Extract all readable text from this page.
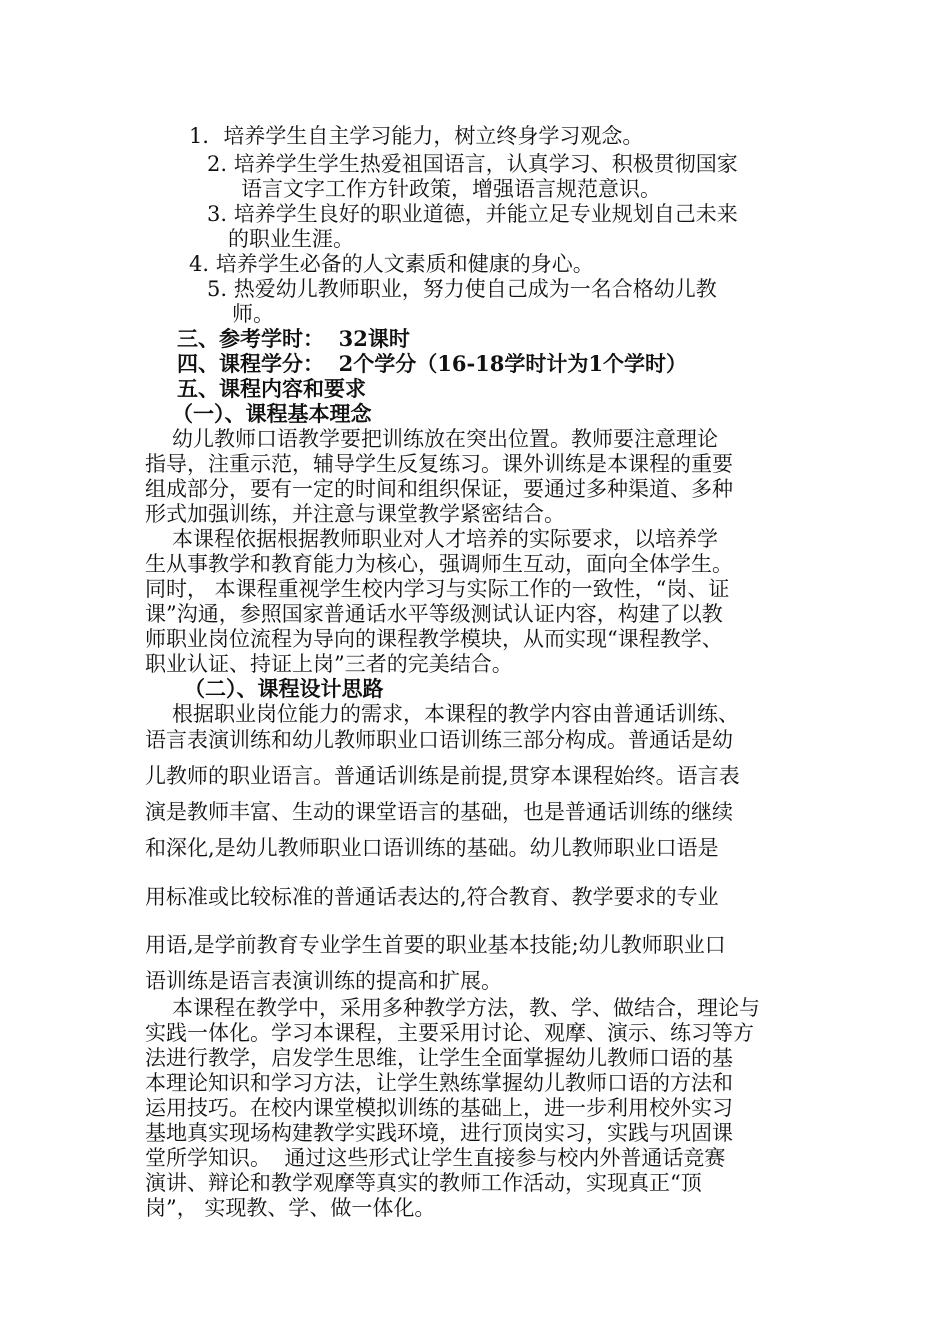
1．培养学生自主学习能力，树立终身学习观念。
2. 培养学生学生热爱祖国语言，认真学习、积极贯彻国家
语言文字工作方针政策，增强语言规范意识。
3. 培养学生良好的职业道德，并能立足专业规划自己未来
的职业生涯。
4. 培养学生必备的人文素质和健康的身心。
5. 热爱幼儿教师职业，努力使自己成为一名合格幼儿教
师。
三、参考学时：  32课时
四、课程学分：  2个学分（16-18学时计为1个学时）
五、课程内容和要求
（一）、课程基本理念
幼儿教师口语教学要把训练放在突出位置。教师要注意理论
指导，注重示范，辅导学生反复练习。课外训练是本课程的重要
组成部分，要有一定的时间和组织保证，要通过多种渠道、多种
形式加强训练，并注意与课堂教学紧密结合。
本课程依据根据教师职业对人才培养的实际要求，以培养学
生从事教学和教育能力为核心，强调师生互动，面向全体学生。
同时， 本课程重视学生校内学习与实际工作的一致性，“岗、证
课”沟通，参照国家普通话水平等级测试认证内容，构建了以教
师职业岗位流程为导向的课程教学模块，从而实现“课程教学、
职业认证、持证上岗”三者的完美结合。
（二）、课程设计思路
根据职业岗位能力的需求，本课程的教学内容由普通话训练、
语言表演训练和幼儿教师职业口语训练三部分构成。普通话是幼
儿教师的职业语言。普通话训练是前提,贯穿本课程始终。语言表
演是教师丰富、生动的课堂语言的基础，也是普通话训练的继续
和深化,是幼儿教师职业口语训练的基础。幼儿教师职业口语是
用标准或比较标准的普通话表达的,符合教育、教学要求的专业
用语,是学前教育专业学生首要的职业基本技能;幼儿教师职业口
语训练是语言表演训练的提高和扩展。
本课程在教学中，采用多种教学方法，教、学、做结合，理论与
实践一体化。学习本课程，主要采用讨论、观摩、演示、练习等方
法进行教学，启发学生思维，让学生全面掌握幼儿教师口语的基
本理论知识和学习方法，让学生熟练掌握幼儿教师口语的方法和
运用技巧。在校内课堂模拟训练的基础上，进一步利用校外实习
基地真实现场构建教学实践环境，进行顶岗实习，实践与巩固课
堂所学知识。  通过这些形式让学生直接参与校内外普通话竞赛
演讲、辩论和教学观摩等真实的教师工作活动，实现真正“顶
岗”， 实现教、学、做一体化。
